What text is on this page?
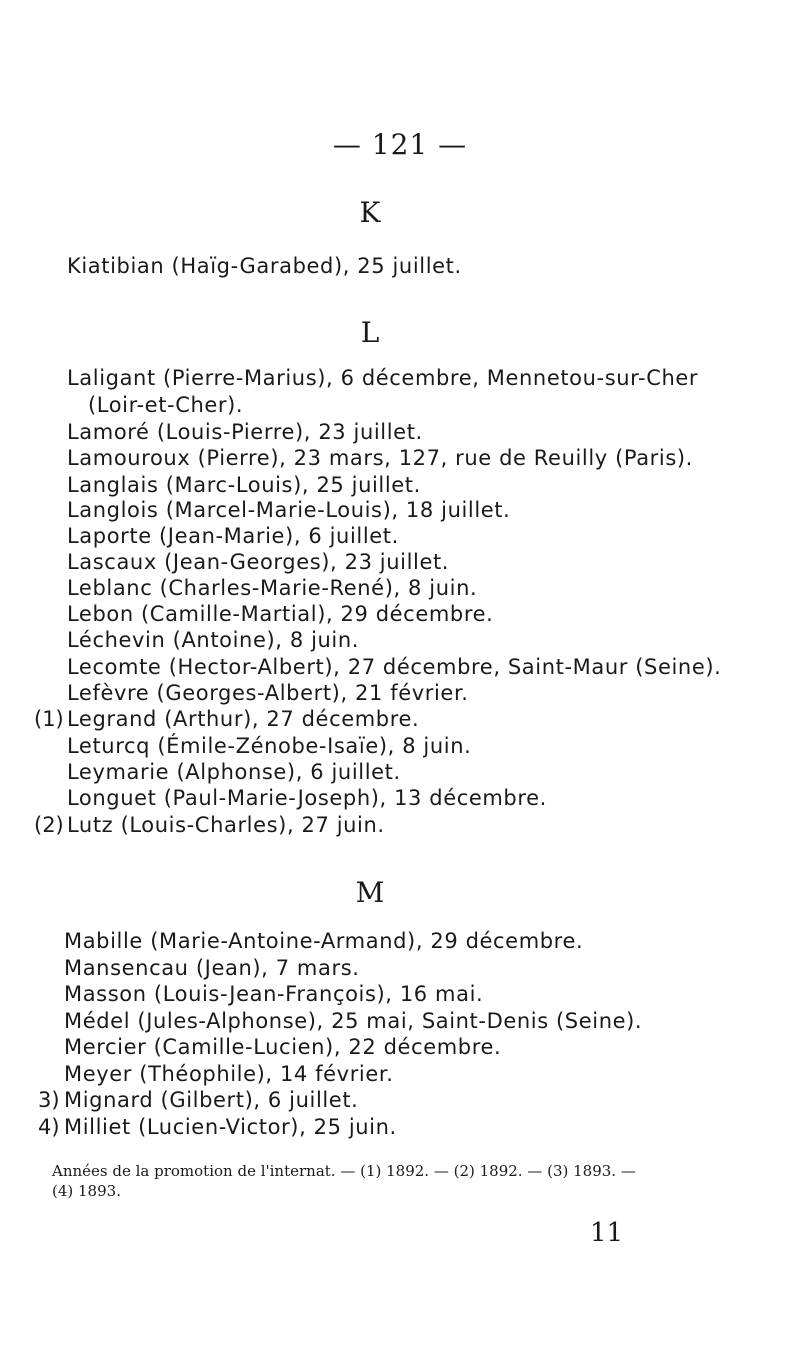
— 121 —
K
Kiatibian (Haïg-Garabed), 25 juillet.
L
Laligant (Pierre-Marius), 6 décembre, Mennetou-sur-Cher
(Loir-et-Cher).
Lamoré (Louis-Pierre), 23 juillet.
Lamouroux (Pierre), 23 mars, 127, rue de Reuilly (Paris).
Langlais (Marc-Louis), 25 juillet.
Langlois (Marcel-Marie-Louis), 18 juillet.
Laporte (Jean-Marie), 6 juillet.
Lascaux (Jean-Georges), 23 juillet.
Leblanc (Charles-Marie-René), 8 juin.
Lebon (Camille-Martial), 29 décembre.
Léchevin (Antoine), 8 juin.
Lecomte (Hector-Albert), 27 décembre, Saint-Maur (Seine).
Lefèvre (Georges-Albert), 21 février.
(1) Legrand (Arthur), 27 décembre.
Leturcq (Émile-Zénobe-Isaïe), 8 juin.
Leymarie (Alphonse), 6 juillet.
Longuet (Paul-Marie-Joseph), 13 décembre.
(2) Lutz (Louis-Charles), 27 juin.
M
Mabille (Marie-Antoine-Armand), 29 décembre.
Mansencau (Jean), 7 mars.
Masson (Louis-Jean-François), 16 mai.
Médel (Jules-Alphonse), 25 mai, Saint-Denis (Seine).
Mercier (Camille-Lucien), 22 décembre.
Meyer (Théophile), 14 février.
3) Mignard (Gilbert), 6 juillet.
4) Milliet (Lucien-Victor), 25 juin.
Années de la promotion de l'internat. — (1) 1892. — (2) 1892. — (3) 1893. —
(4) 1893.
11
